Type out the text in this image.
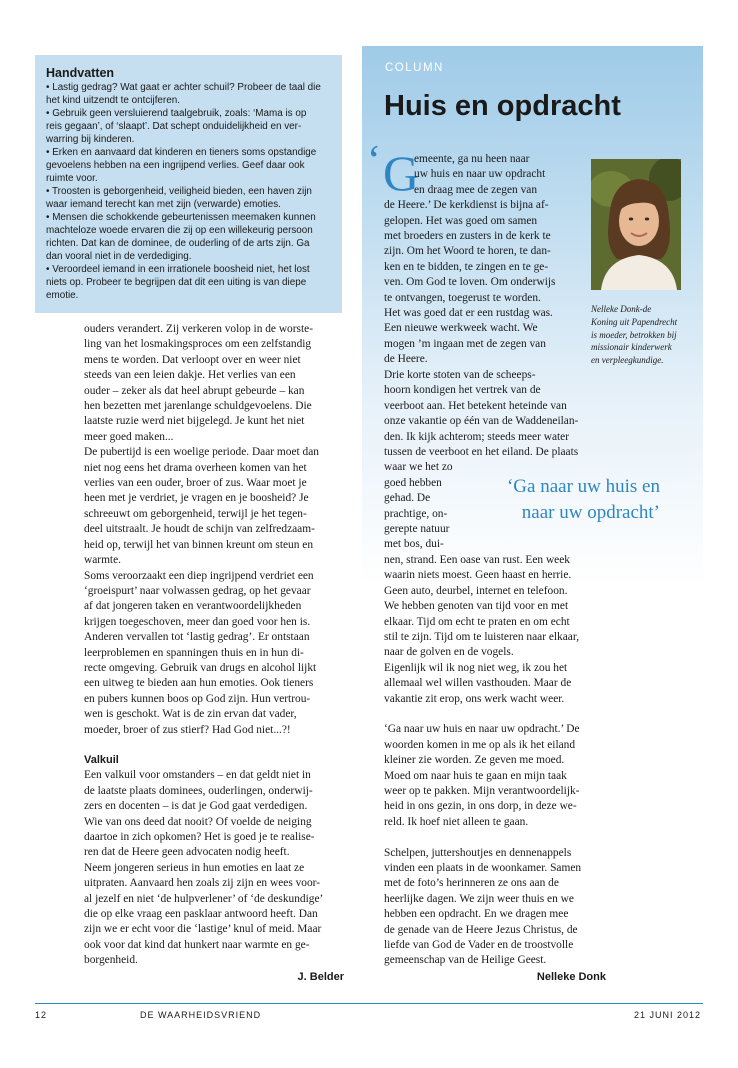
Handvatten

• Lastig gedrag? Wat gaat er achter schuil? Probeer de taal die

het kind uitzendt te ontcijferen.

• Gebruik geen versluierend taalgebruik, zoals: ‘Mama is op

reis gegaan’, of ‘slaapt’. Dat schept onduidelijkheid en ver-

warring bij kinderen.

• Erken en aanvaard dat kinderen en tieners soms opstandige

gevoelens hebben na een ingrijpend verlies. Geef daar ook

ruimte voor.

• Troosten is geborgenheid, veiligheid bieden, een haven zijn

waar iemand terecht kan met zijn (verwarde) emoties.

• Mensen die schokkende gebeurtenissen meemaken kunnen

machteloze woede ervaren die zij op een willekeurig persoon

richten. Dat kan de dominee, de ouderling of de arts zijn. Ga

dan vooral niet in de verdediging.

• Veroordeel iemand in een irrationele boosheid niet, het lost

niets op. Probeer te begrijpen dat dit een uiting is van diepe

emotie.

ouders verandert. Zij verkeren volop in de worste-

ling van het losmakingsproces om een zelfstandig

mens te worden. Dat verloopt over en weer niet

steeds van een leien dakje. Het verlies van een

ouder – zeker als dat heel abrupt gebeurde – kan

hen bezetten met jarenlange schuldgevoelens. Die

laatste ruzie werd niet bijgelegd. Je kunt het niet

meer goed maken...

De pubertijd is een woelige periode. Daar moet dan

niet nog eens het drama overheen komen van het

verlies van een ouder, broer of zus. Waar moet je

heen met je verdriet, je vragen en je boosheid? Je

schreeuwt om geborgenheid, terwijl je het tegen-

deel uitstraalt. Je houdt de schijn van zelfredzaam-

heid op, terwijl het van binnen kreunt om steun en

warmte.

Soms veroorzaakt een diep ingrijpend verdriet een

‘groeispurt’ naar volwassen gedrag, op het gevaar

af dat jongeren taken en verantwoordelijkheden

krijgen toegeschoven, meer dan goed voor hen is.

Anderen vervallen tot ‘lastig gedrag’. Er ontstaan

leerproblemen en spanningen thuis en in hun di-

recte omgeving. Gebruik van drugs en alcohol lijkt

een uitweg te bieden aan hun emoties. Ook tieners

en pubers kunnen boos op God zijn. Hun vertrou-

wen is geschokt. Wat is de zin ervan dat vader,

moeder, broer of zus stierf? Had God niet...?!

Valkuil

Een valkuil voor omstanders – en dat geldt niet in

de laatste plaats dominees, ouderlingen, onderwij-

zers en docenten – is dat je God gaat verdedigen.

Wie van ons deed dat nooit? Of voelde de neiging

daartoe in zich opkomen? Het is goed je te realise-

ren dat de Heere geen advocaten nodig heeft.

Neem jongeren serieus in hun emoties en laat ze

uitpraten. Aanvaard hen zoals zij zijn en wees voor-

al jezelf en niet ‘de hulpverlener’ of ‘de deskundige’

die op elke vraag een pasklaar antwoord heeft. Dan

zijn we er echt voor die ‘lastige’ knul of meid. Maar

ook voor dat kind dat hunkert naar warmte en ge-

borgenheid.

J. Belder

COLUMN
Huis en opdracht
‘ G

emeente, ga nu heen naar

uw huis en naar uw opdracht

en draag mee de zegen van

de Heere.’ De kerkdienst is bijna af-

gelopen. Het was goed om samen

met broeders en zusters in de kerk te

zijn. Om het Woord te horen, te dan-

ken en te bidden, te zingen en te ge-

ven. Om God te loven. Om onderwijs

te ontvangen, toegerust te worden.

Het was goed dat er een rustdag was.

Een nieuwe werkweek wacht. We

mogen ’m ingaan met de zegen van

de Heere.

Drie korte stoten van de scheeps-

hoorn kondigen het vertrek van de

veerboot aan. Het betekent heteinde van

onze vakantie op één van de Waddeneilan-

den. Ik kijk achterom; steeds meer water

tussen de veerboot en het eiland. De plaats

waar we het zo

goed hebben

gehad. De

prachtige, on-

gerepte natuur

met bos, dui-

nen, strand. Een oase van rust. Een week

waarin niets moest. Geen haast en herrie.

Geen auto, deurbel, internet en telefoon.

We hebben genoten van tijd voor en met

elkaar. Tijd om echt te praten en om echt

stil te zijn. Tijd om te luisteren naar elkaar,

naar de golven en de vogels.

Eigenlijk wil ik nog niet weg, ik zou het

allemaal wel willen vasthouden. Maar de

vakantie zit erop, ons werk wacht weer.

‘Ga naar uw huis en naar uw opdracht.’ De

woorden komen in me op als ik het eiland

kleiner zie worden. Ze geven me moed.

Moed om naar huis te gaan en mijn taak

weer op te pakken. Mijn verantwoordelijk-

heid in ons gezin, in ons dorp, in deze we-

reld. Ik hoef niet alleen te gaan.

Schelpen, juttershoutjes en dennenappels

vinden een plaats in de woonkamer. Samen

met de foto’s herinneren ze ons aan de

heerlijke dagen. We zijn weer thuis en we

hebben een opdracht. En we dragen mee

de genade van de Heere Jezus Christus, de

liefde van God de Vader en de troostvolle

gemeenschap van de Heilige Geest.

Nelleke Donk

‘Ga naar uw huis en

naar uw opdracht’

Nelleke Donk-de

Koning uit Papendrecht

is moeder, betrokken bij

missionair kinderwerk

en verpleegkundige.

12	DE WAARHEIDSVRIEND	21 JUNI 2012
